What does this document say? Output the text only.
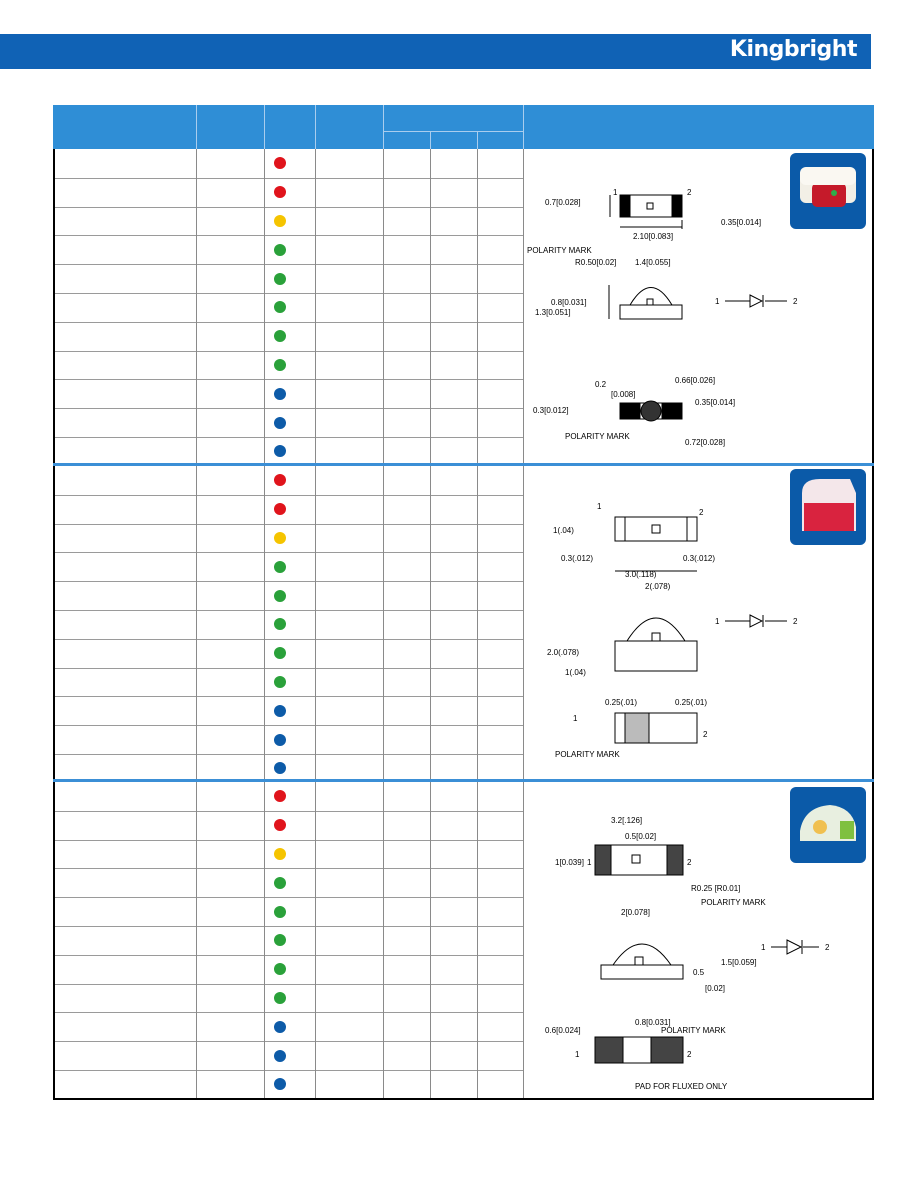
Kingbright
1	2
0.7[0.028]
0.35[0.014]
2.10[0.083]
POLARITY MARK
R0.50[0.02] 1.4[0.055]
1.3[0.051]
0.8[0.031]
0.66[0.026]
0.2
[0.008]
0.3[0.012]
0.35[0.014]
POLARITY MARK
0.72[0.028]
1	2
1
2
1(.04)
0.3(.012)	0.3(.012)
3.0(.118)
2(.078)
2.0(.078)
1(.04)
0.25(.01)	0.25(.01)
1
2
POLARITY MARK
1	2
3.2[.126]
0.5[0.02]
1[0.039] 1	2
R0.25 [R0.01]
POLARITY MARK
2[0.078]
0.5
[0.02]
1.5[0.059]
0.6[0.024]
0.8[0.031]
POLARITY MARK
1	2
PAD FOR FLUXED ONLY
1	2
